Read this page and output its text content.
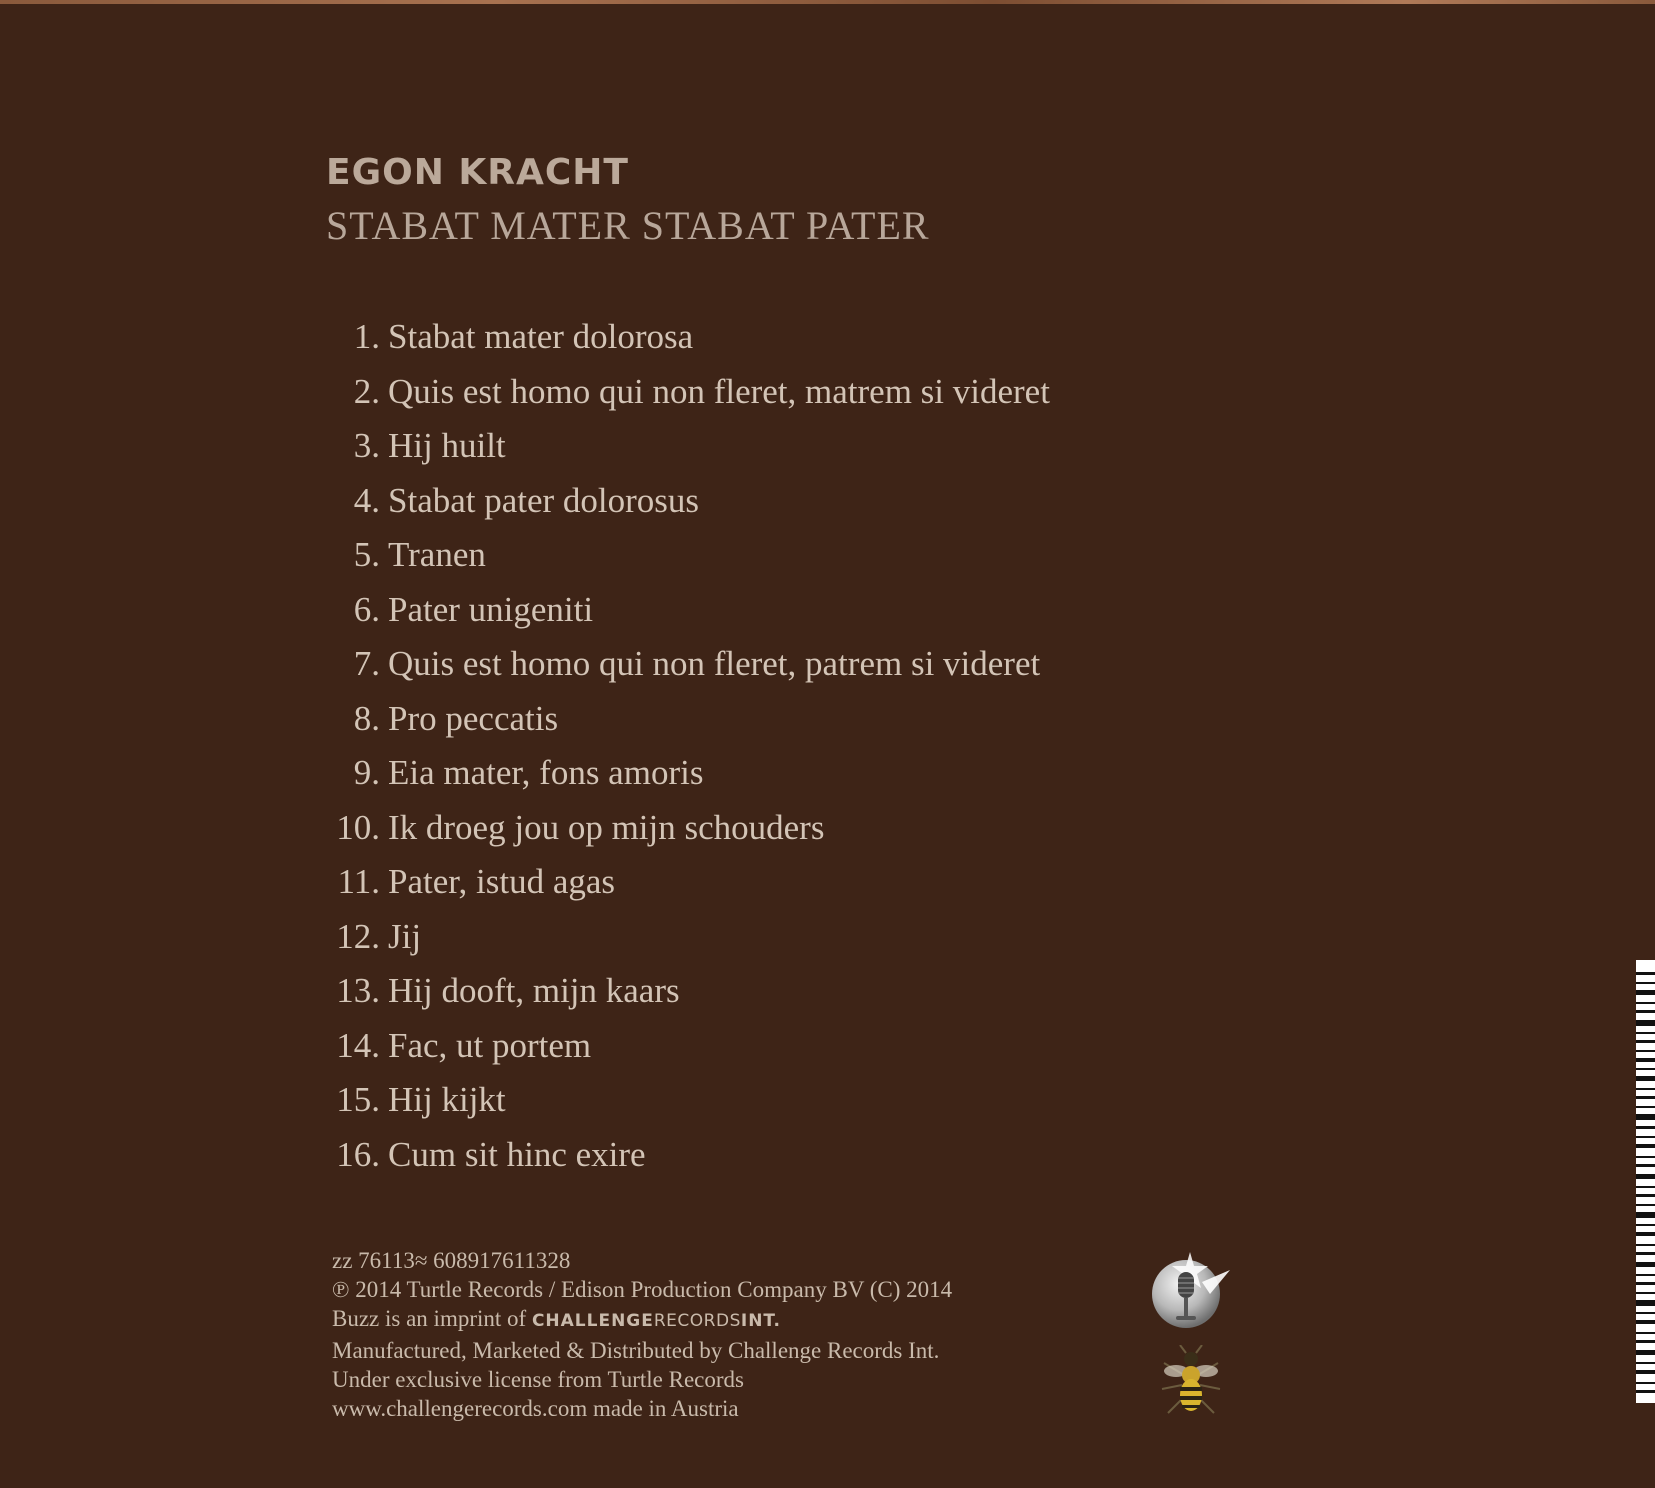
EGON KRACHT
STABAT MATER STABAT PATER
1. Stabat mater dolorosa
2. Quis est homo qui non fleret, matrem si videret
3. Hij huilt
4. Stabat pater dolorosus
5. Tranen
6. Pater unigeniti
7. Quis est homo qui non fleret, patrem si videret
8. Pro peccatis
9. Eia mater, fons amoris
10. Ik droeg jou op mijn schouders
11. Pater, istud agas
12. Jij
13. Hij dooft, mijn kaars
14. Fac, ut portem
15. Hij kijkt
16. Cum sit hinc exire
zz 76113≈ 608917611328
℗ 2014 Turtle Records / Edison Production Company BV (C) 2014
Buzz is an imprint of CHALLENGERECORDSINT.
Manufactured, Marketed & Distributed by Challenge Records Int.
Under exclusive license from Turtle Records
www.challengerecords.com made in Austria
